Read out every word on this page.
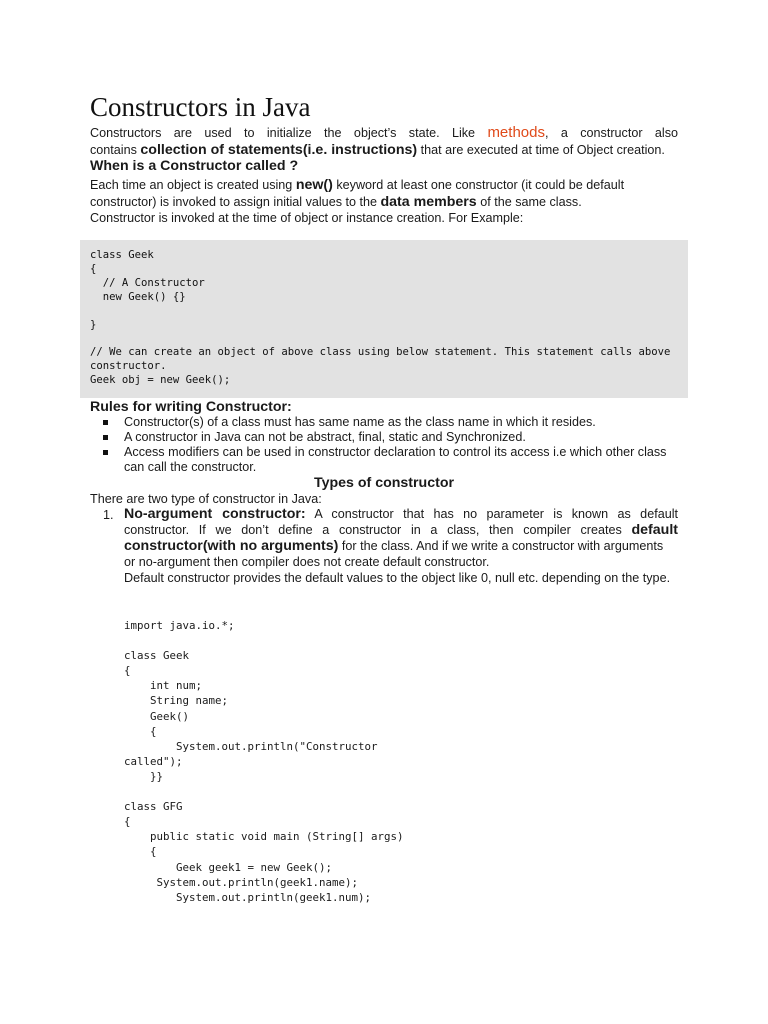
Constructors in Java
Constructors are used to initialize the object’s state. Like methods, a constructor also
contains collection of statements(i.e. instructions) that are executed at time of Object creation.
When is a Constructor called ?
Each time an object is created using new() keyword at least one constructor (it could be default
constructor) is invoked to assign initial values to the data members of the same class.
Constructor is invoked at the time of object or instance creation. For Example:
class Geek
{
// A Constructor
new Geek() {}

}

// We can create an object of above class using below statement. This statement calls above
constructor.
Geek obj = new Geek();
Rules for writing Constructor:
Constructor(s) of a class must has same name as the class name in which it resides.
A constructor in Java can not be abstract, final, static and Synchronized.
Access modifiers can be used in constructor declaration to control its access i.e which other class
can call the constructor.
Types of constructor
There are two type of constructor in Java:
1. No-argument constructor: A constructor that has no parameter is known as default
constructor. If we don’t define a constructor in a class, then compiler creates default
constructor(with no arguments) for the class. And if we write a constructor with arguments
or no-argument then compiler does not create default constructor.
Default constructor provides the default values to the object like 0, null etc. depending on the type.
import java.io.*;

class Geek
{
int num;
String name;
Geek()
{
System.out.println("Constructor
called");
}}

class GFG
{
public static void main (String[] args)
{
Geek geek1 = new Geek();
System.out.println(geek1.name);
System.out.println(geek1.num);
